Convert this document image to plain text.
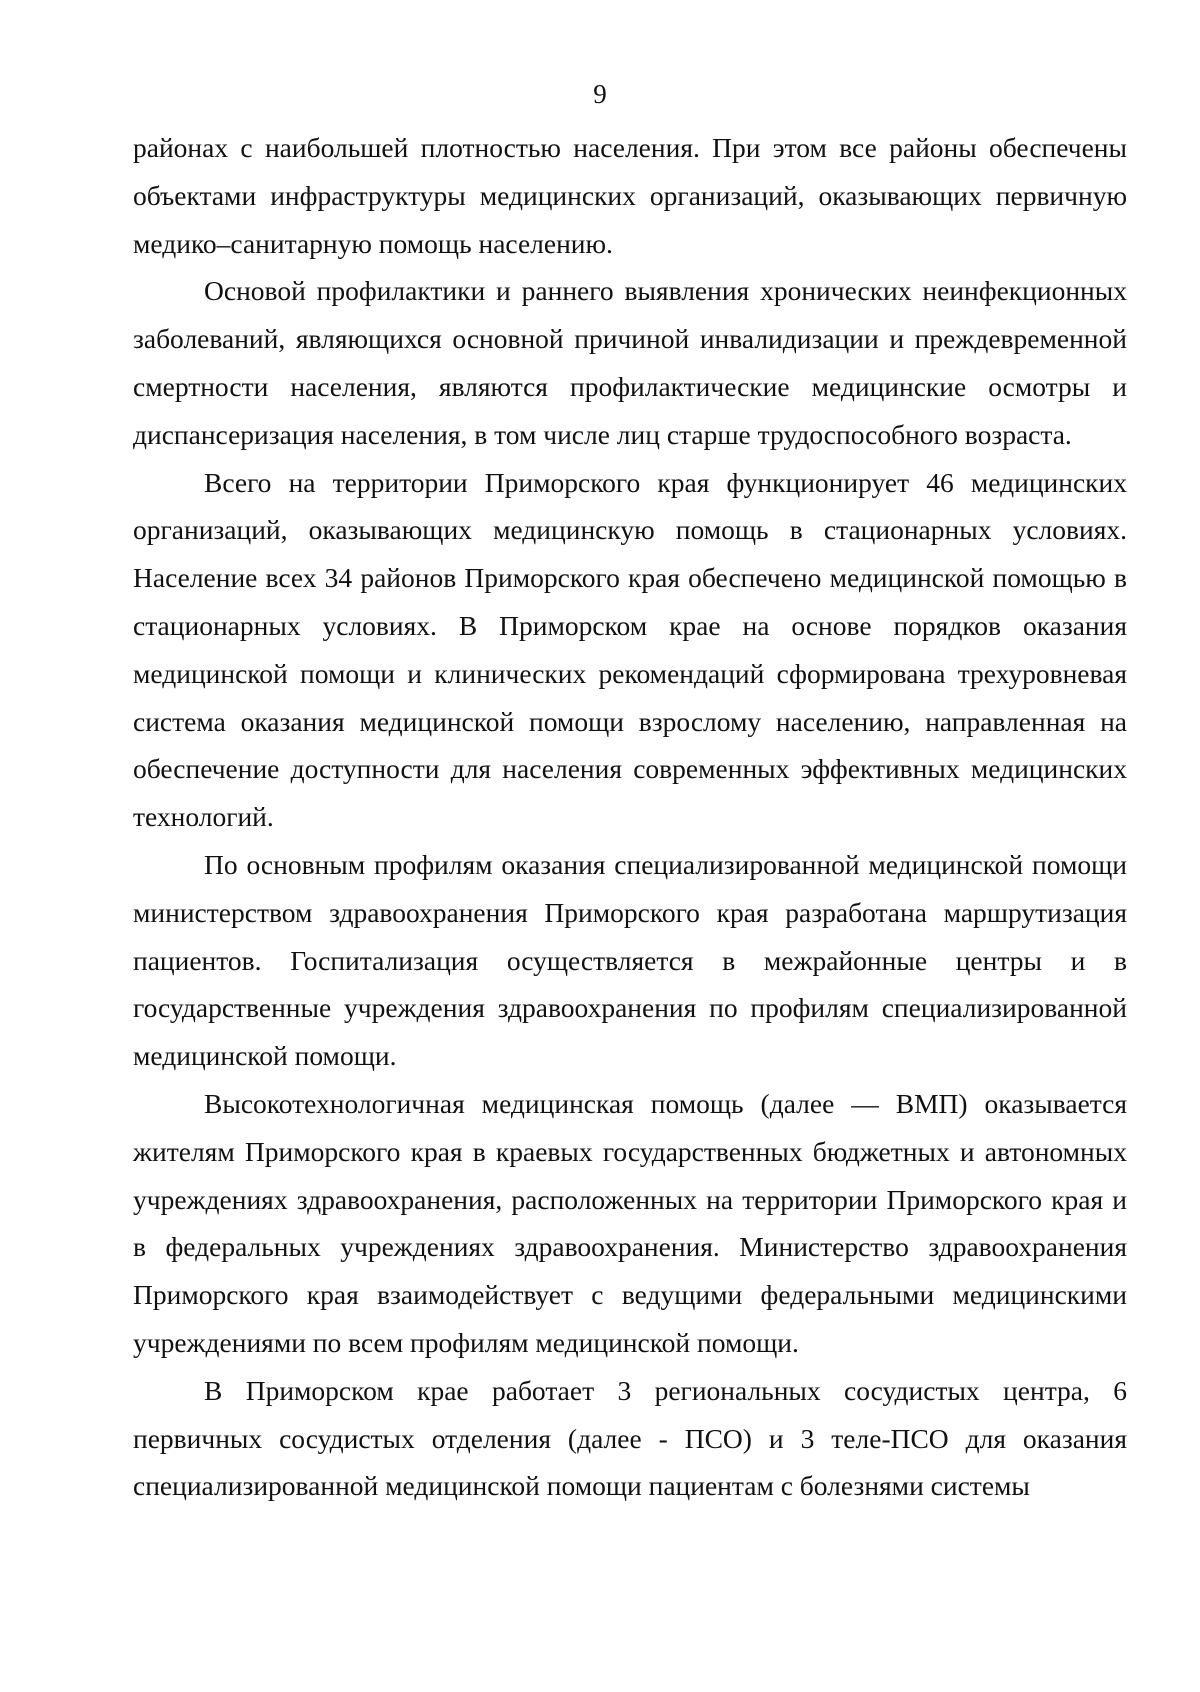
9

районах с наибольшей плотностью населения. При этом все районы обеспечены объектами инфраструктуры медицинских организаций, оказывающих первичную медико–санитарную помощь населению.

Основой профилактики и раннего выявления хронических неинфекционных заболеваний, являющихся основной причиной инвалидизации и преждевременной смертности населения, являются профилактические медицинские осмотры и диспансеризация населения, в том числе лиц старше трудоспособного возраста.

Всего на территории Приморского края функционирует 46 медицинских организаций, оказывающих медицинскую помощь в стационарных условиях. Население всех 34 районов Приморского края обеспечено медицинской помощью в стационарных условиях. В Приморском крае на основе порядков оказания медицинской помощи и клинических рекомендаций сформирована трехуровневая система оказания медицинской помощи взрослому населению, направленная на обеспечение доступности для населения современных эффективных медицинских технологий.

По основным профилям оказания специализированной медицинской помощи министерством здравоохранения Приморского края разработана маршрутизация пациентов. Госпитализация осуществляется в межрайонные центры и в государственные учреждения здравоохранения по профилям специализированной медицинской помощи.

Высокотехнологичная медицинская помощь (далее — ВМП) оказывается жителям Приморского края в краевых государственных бюджетных и автономных учреждениях здравоохранения, расположенных на территории Приморского края и в федеральных учреждениях здравоохранения. Министерство здравоохранения Приморского края взаимодействует с ведущими федеральными медицинскими учреждениями по всем профилям медицинской помощи.

В Приморском крае работает 3 региональных сосудистых центра, 6 первичных сосудистых отделения (далее - ПСО) и 3 теле-ПСО для оказания специализированной медицинской помощи пациентам с болезнями системы
